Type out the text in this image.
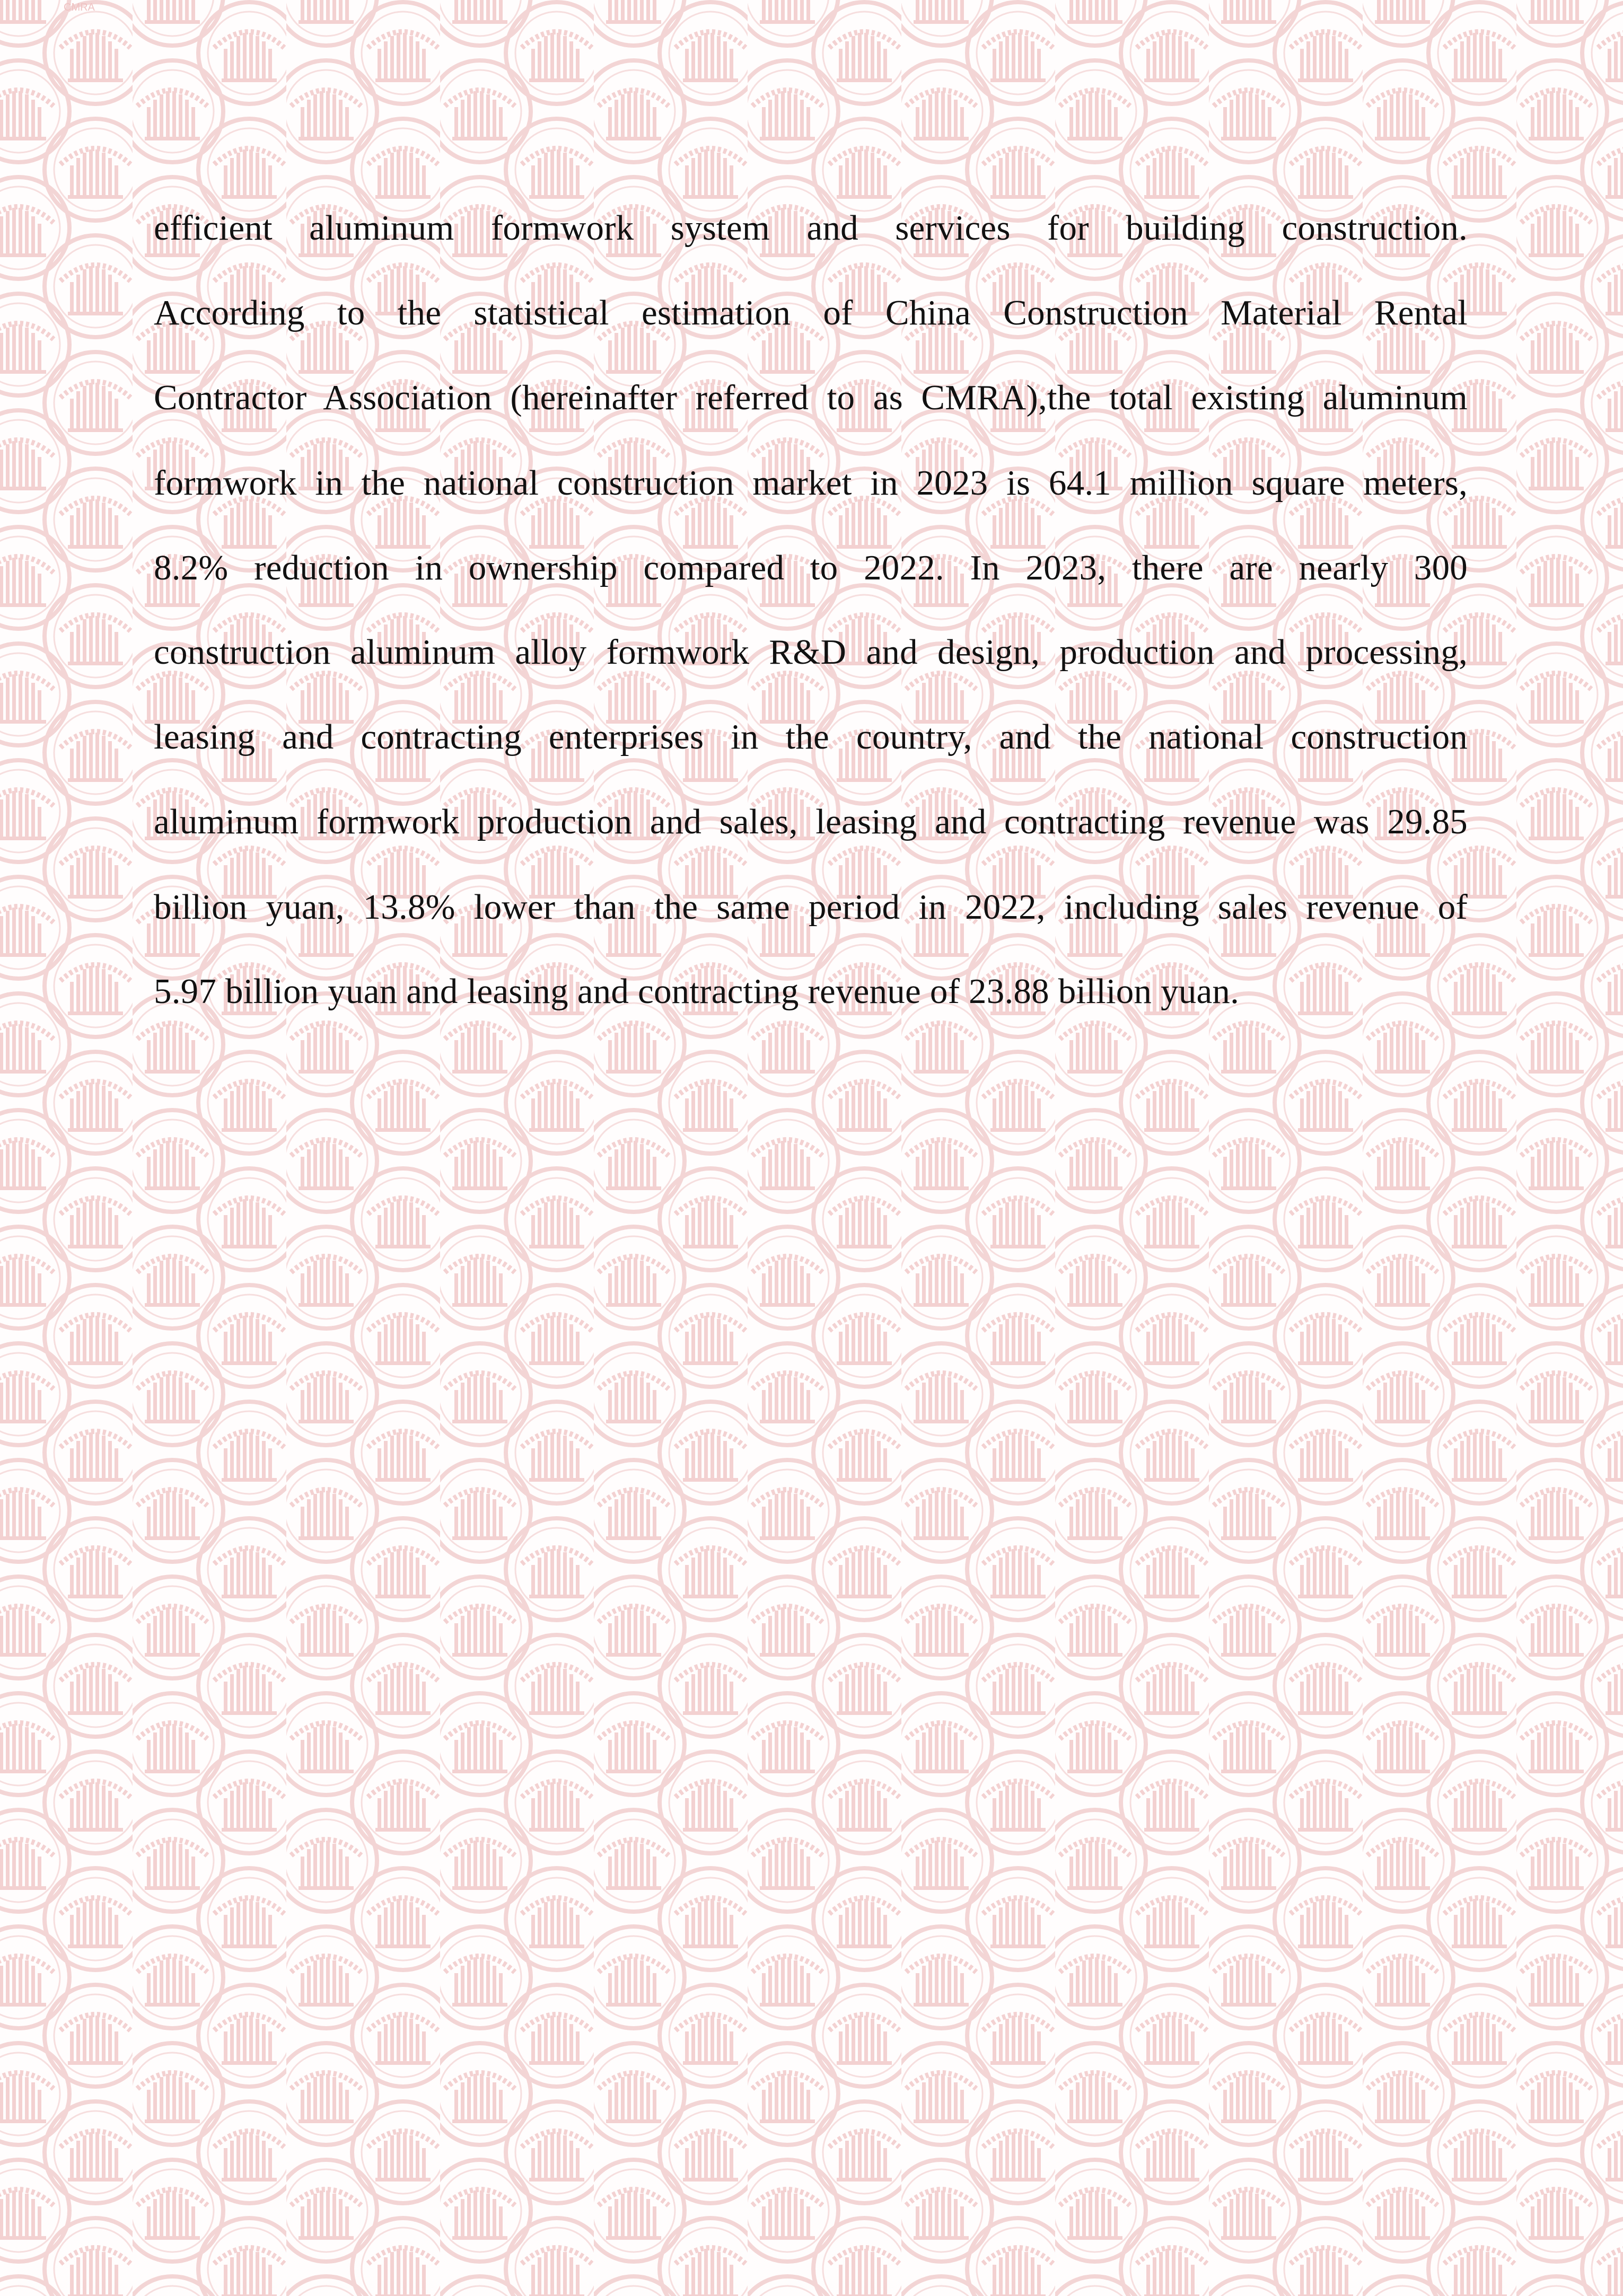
CMRA
efficient aluminum formwork system and services for building construction.
According to the statistical estimation of China Construction Material Rental
Contractor Association (hereinafter referred to as CMRA),the total existing aluminum
formwork in the national construction market in 2023 is 64.1 million square meters,
8.2% reduction in ownership compared to 2022. In 2023, there are nearly 300
construction aluminum alloy formwork R&D and design, production and processing,
leasing and contracting enterprises in the country, and the national construction
aluminum formwork production and sales, leasing and contracting revenue was 29.85
billion yuan, 13.8% lower than the same period in 2022, including sales revenue of
5.97 billion yuan and leasing and contracting revenue of 23.88 billion yuan.
